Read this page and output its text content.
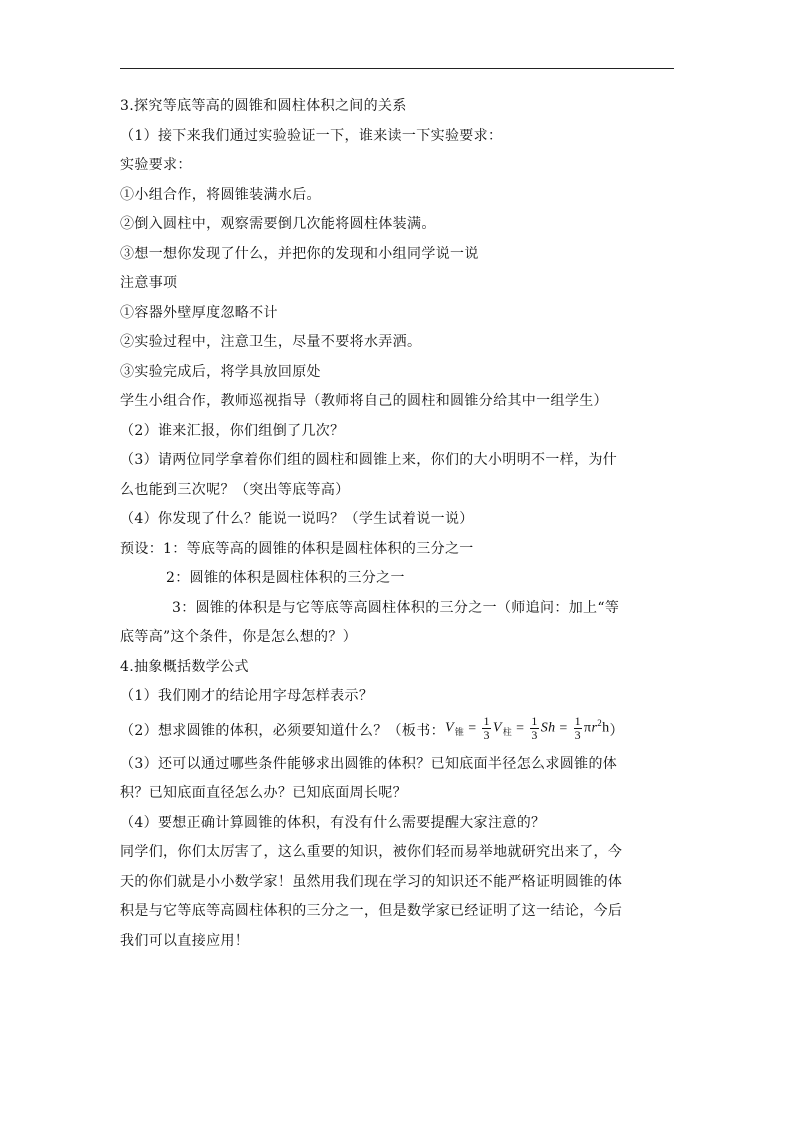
3.探究等底等高的圆锥和圆柱体积之间的关系
（1）接下来我们通过实验验证一下，谁来读一下实验要求：
实验要求：
①小组合作，将圆锥装满水后。
②倒入圆柱中，观察需要倒几次能将圆柱体装满。
③想一想你发现了什么，并把你的发现和小组同学说一说
注意事项
①容器外壁厚度忽略不计
②实验过程中，注意卫生，尽量不要将水弄洒。
③实验完成后，将学具放回原处
学生小组合作，教师巡视指导（教师将自己的圆柱和圆锥分给其中一组学生）
（2）谁来汇报，你们组倒了几次？
（3）请两位同学拿着你们组的圆柱和圆锥上来，你们的大小明明不一样，为什
么也能到三次呢？（突出等底等高）
（4）你发现了什么？能说一说吗？（学生试着说一说）
预设：1：等底等高的圆锥的体积是圆柱体积的三分之一
2：圆锥的体积是圆柱体积的三分之一
3：圆锥的体积是与它等底等高圆柱体积的三分之一（师追问：加上“等
底等高”这个条件，你是怎么想的？）
4.抽象概括数学公式
（1）我们刚才的结论用字母怎样表示？
（2）想求圆锥的体积，必须要知道什么？（板书：$V_锥 = \frac{1}{3} V_柱 = \frac{1}{3}$ $Sh = \frac{1}{3} \pi r^2h$）
（3）还可以通过哪些条件能够求出圆锥的体积？已知底面半径怎么求圆锥的体
积？已知底面直径怎么办？已知底面周长呢？
（4）要想正确计算圆锥的体积，有没有什么需要提醒大家注意的？
同学们，你们太厉害了，这么重要的知识，被你们轻而易举地就研究出来了，今
天的你们就是小小数学家！虽然用我们现在学习的知识还不能严格证明圆锥的体
积是与它等底等高圆柱体积的三分之一，但是数学家已经证明了这一结论，今后
我们可以直接应用！
